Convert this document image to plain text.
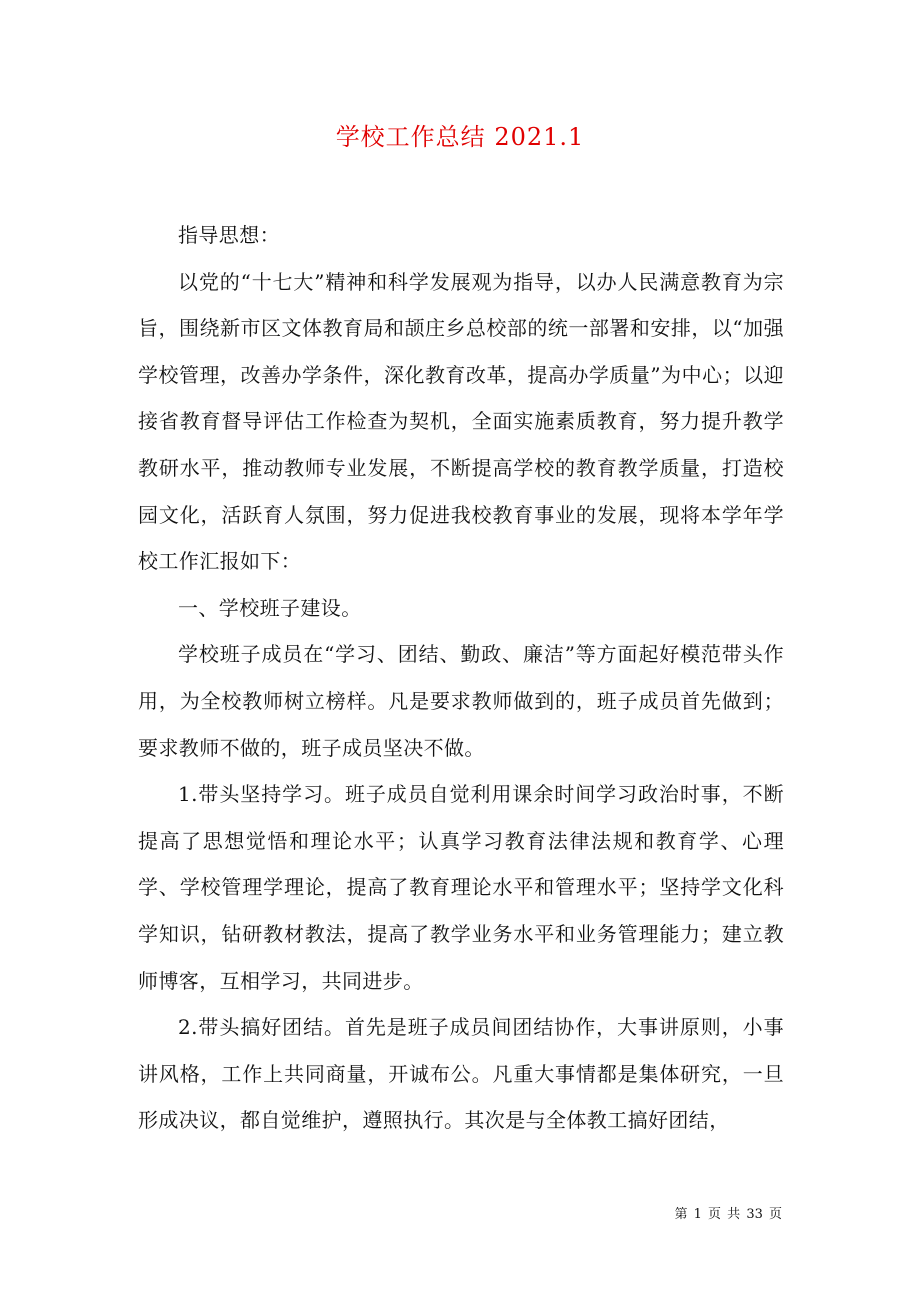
学校工作总结 2021.1

指导思想：

以党的“十七大”精神和科学发展观为指导，以办人民满意教育为宗旨，围绕新市区文体教育局和颉庄乡总校部的统一部署和安排，以“加强学校管理，改善办学条件，深化教育改革，提高办学质量”为中心；以迎接省教育督导评估工作检查为契机，全面实施素质教育，努力提升教学教研水平，推动教师专业发展，不断提高学校的教育教学质量，打造校园文化，活跃育人氛围，努力促进我校教育事业的发展，现将本学年学校工作汇报如下：

一、学校班子建设。

学校班子成员在“学习、团结、勤政、廉洁”等方面起好模范带头作用，为全校教师树立榜样。凡是要求教师做到的，班子成员首先做到；要求教师不做的，班子成员坚决不做。

1.带头坚持学习。班子成员自觉利用课余时间学习政治时事，不断提高了思想觉悟和理论水平；认真学习教育法律法规和教育学、心理学、学校管理学理论，提高了教育理论水平和管理水平；坚持学文化科学知识，钻研教材教法，提高了教学业务水平和业务管理能力；建立教师博客，互相学习，共同进步。

2.带头搞好团结。首先是班子成员间团结协作，大事讲原则，小事讲风格，工作上共同商量，开诚布公。凡重大事情都是集体研究，一旦形成决议，都自觉维护，遵照执行。其次是与全体教工搞好团结，

第 1 页 共 33 页
